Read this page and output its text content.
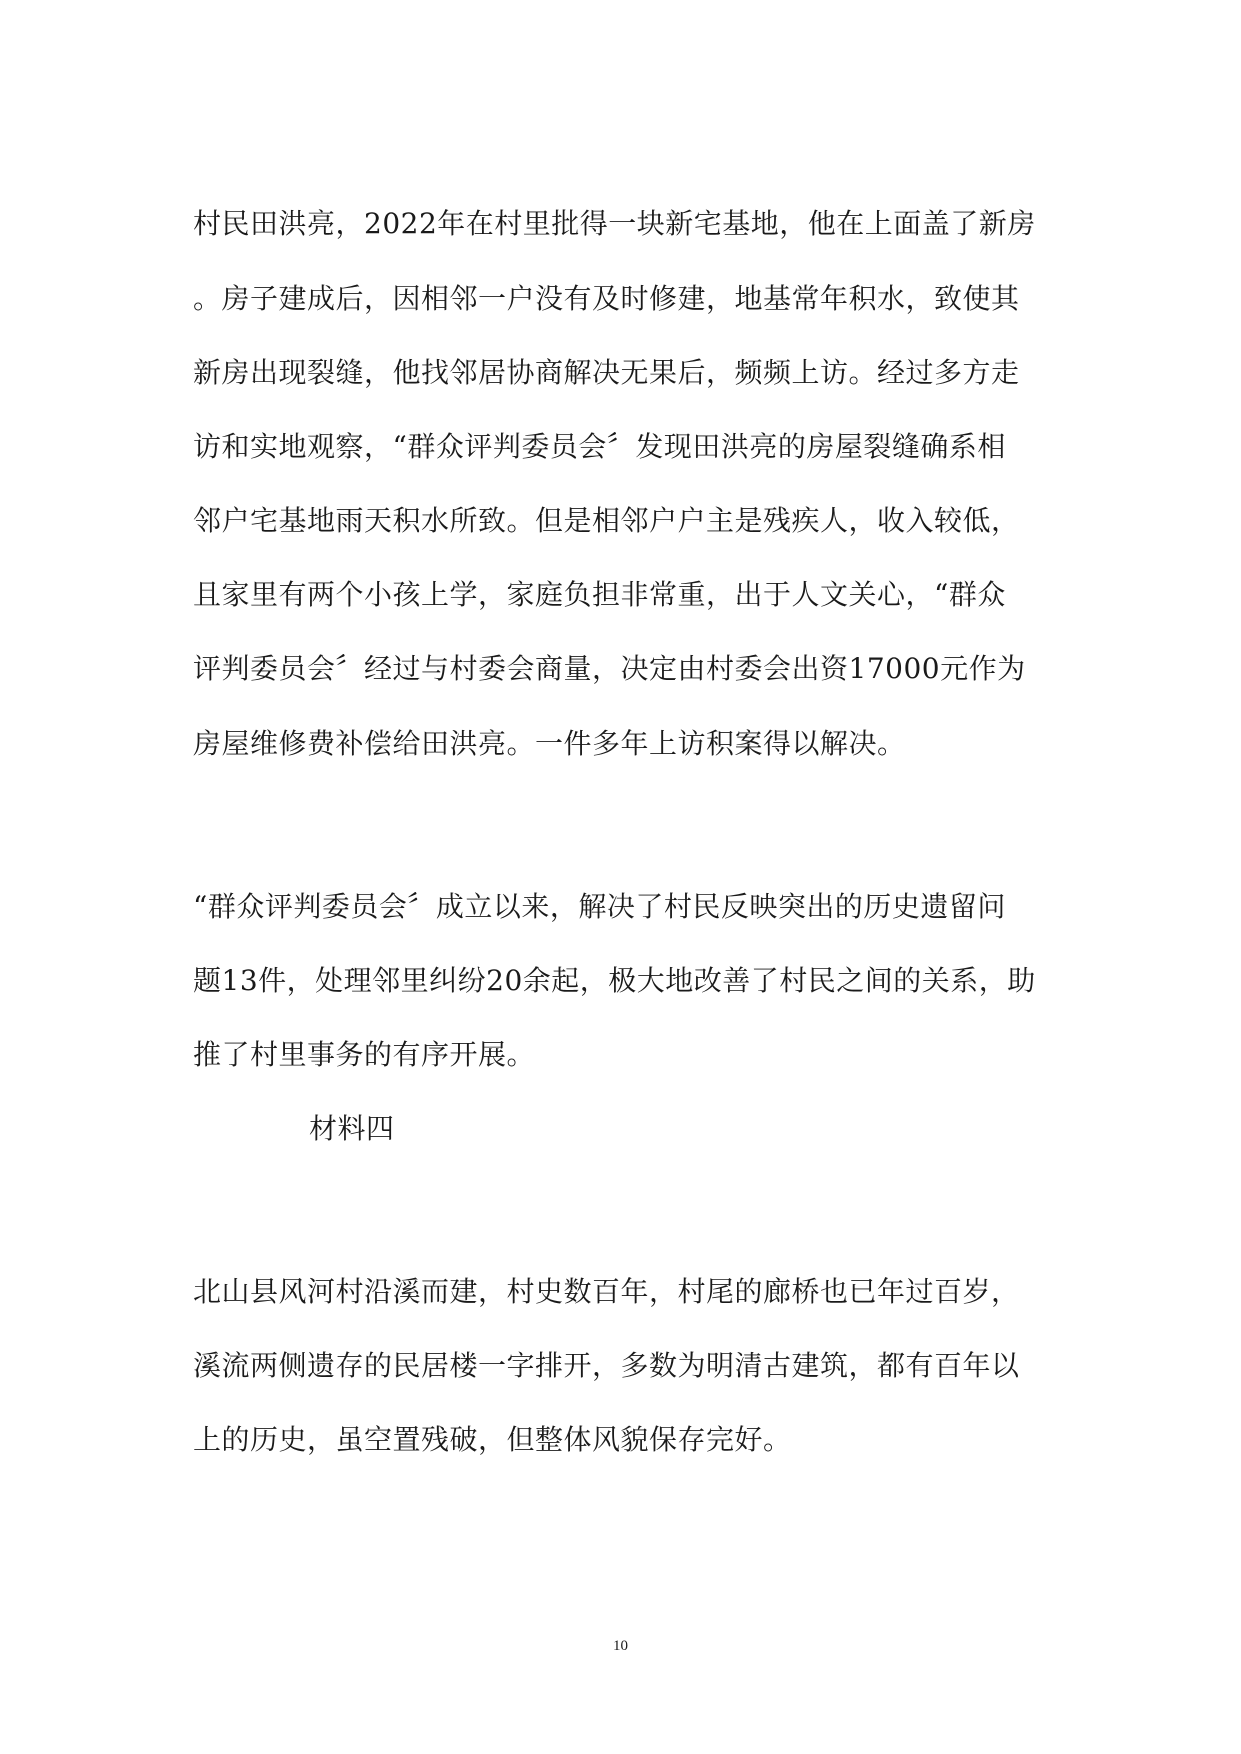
村民田洪亮，2022年在村里批得一块新宅基地，他在上面盖了新房
。房子建成后，因相邻一户没有及时修建，地基常年积水，致使其
新房出现裂缝，他找邻居协商解决无果后，频频上访。经过多方走
访和实地观察，“群众评判委员会〞发现田洪亮的房屋裂缝确系相
邻户宅基地雨天积水所致。但是相邻户户主是残疾人，收入较低，
且家里有两个小孩上学，家庭负担非常重，出于人文关心，“群众
评判委员会〞经过与村委会商量，决定由村委会出资17000元作为
房屋维修费补偿给田洪亮。一件多年上访积案得以解决。
“群众评判委员会〞成立以来，解决了村民反映突出的历史遗留问
题13件，处理邻里纠纷20余起，极大地改善了村民之间的关系，助
推了村里事务的有序开展。
材料四
北山县风河村沿溪而建，村史数百年，村尾的廊桥也已年过百岁，
溪流两侧遗存的民居楼一字排开，多数为明清古建筑，都有百年以
上的历史，虽空置残破，但整体风貌保存完好。
10
